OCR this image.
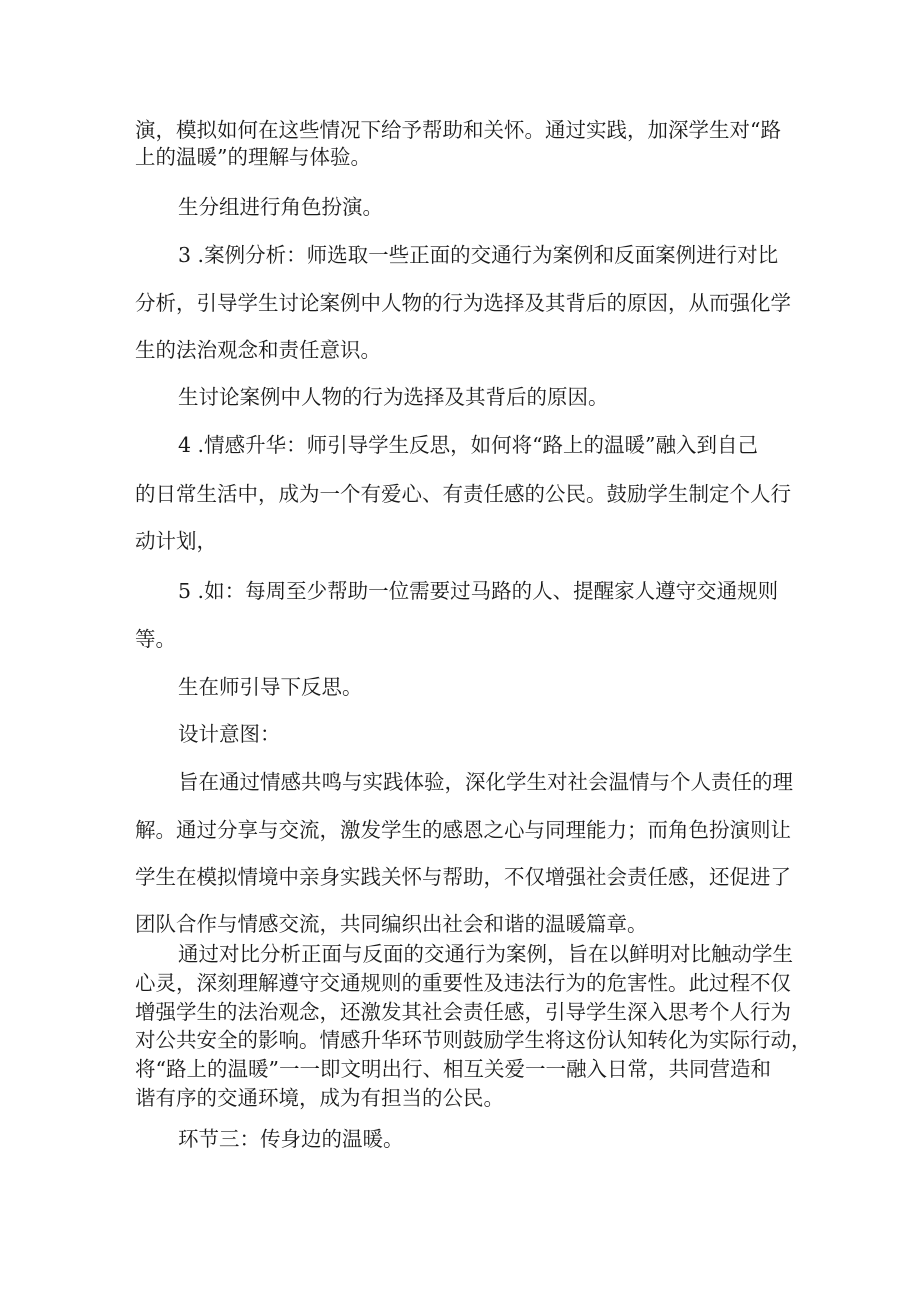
演，模拟如何在这些情况下给予帮助和关怀。通过实践，加深学生对“路

上的温暖”的理解与体验。

生分组进行角色扮演。

3 .案例分析：师选取一些正面的交通行为案例和反面案例进行对比

分析，引导学生讨论案例中人物的行为选择及其背后的原因，从而强化学

生的法治观念和责任意识。

生讨论案例中人物的行为选择及其背后的原因。

4 .情感升华：师引导学生反思，如何将“路上的温暖”融入到自己

的日常生活中，成为一个有爱心、有责任感的公民。鼓励学生制定个人行

动计划，

5 .如：每周至少帮助一位需要过马路的人、提醒家人遵守交通规则

等。

生在师引导下反思。

设计意图：

旨在通过情感共鸣与实践体验，深化学生对社会温情与个人责任的理

解。通过分享与交流，激发学生的感恩之心与同理能力；而角色扮演则让

学生在模拟情境中亲身实践关怀与帮助，不仅增强社会责任感，还促进了

团队合作与情感交流，共同编织出社会和谐的温暖篇章。

通过对比分析正面与反面的交通行为案例，旨在以鲜明对比触动学生

心灵，深刻理解遵守交通规则的重要性及违法行为的危害性。此过程不仅

增强学生的法治观念，还激发其社会责任感，引导学生深入思考个人行为

对公共安全的影响。情感升华环节则鼓励学生将这份认知转化为实际行动，

将“路上的温暖”一一即文明出行、相互关爱一一融入日常，共同营造和

谐有序的交通环境，成为有担当的公民。

环节三：传身边的温暖。
